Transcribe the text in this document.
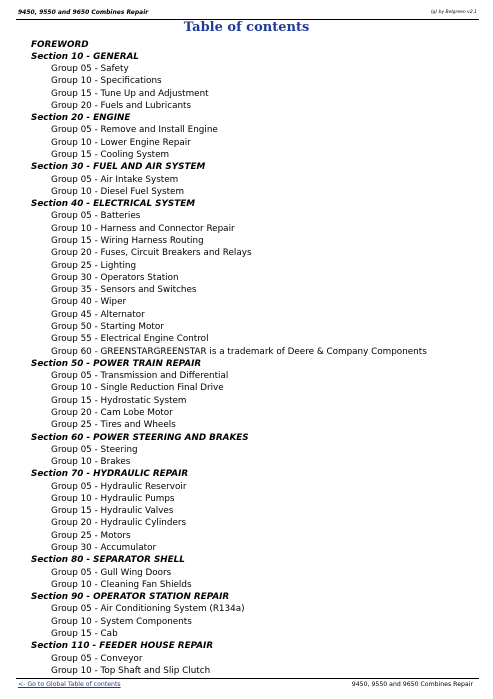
9450, 9550 and 9650 Combines Repair	(g) by Belgreen v2.1
Table of contents
FOREWORD
Section 10 - GENERAL
Group 05 - Safety
Group 10 - Specifications
Group 15 - Tune Up and Adjustment
Group 20 - Fuels and Lubricants
Section 20 - ENGINE
Group 05 - Remove and Install Engine
Group 10 - Lower Engine Repair
Group 15 - Cooling System
Section 30 - FUEL AND AIR SYSTEM
Group 05 - Air Intake System
Group 10 - Diesel Fuel System
Section 40 - ELECTRICAL SYSTEM
Group 05 - Batteries
Group 10 - Harness and Connector Repair
Group 15 - Wiring Harness Routing
Group 20 - Fuses, Circuit Breakers and Relays
Group 25 - Lighting
Group 30 - Operators Station
Group 35 - Sensors and Switches
Group 40 - Wiper
Group 45 - Alternator
Group 50 - Starting Motor
Group 55 - Electrical Engine Control
Group 60 - GREENSTARGREENSTAR is a trademark of Deere & Company Components
Section 50 - POWER TRAIN REPAIR
Group 05 - Transmission and Differential
Group 10 - Single Reduction Final Drive
Group 15 - Hydrostatic System
Group 20 - Cam Lobe Motor
Group 25 - Tires and Wheels
Section 60 - POWER STEERING AND BRAKES
Group 05 - Steering
Group 10 - Brakes
Section 70 - HYDRAULIC REPAIR
Group 05 - Hydraulic Reservoir
Group 10 - Hydraulic Pumps
Group 15 - Hydraulic Valves
Group 20 - Hydraulic Cylinders
Group 25 - Motors
Group 30 - Accumulator
Section 80 - SEPARATOR SHELL
Group 05 - Gull Wing Doors
Group 10 - Cleaning Fan Shields
Section 90 - OPERATOR STATION REPAIR
Group 05 - Air Conditioning System (R134a)
Group 10 - System Components
Group 15 - Cab
Section 110 - FEEDER HOUSE REPAIR
Group 05 - Conveyor
Group 10 - Top Shaft and Slip Clutch
<- Go to Global Table of contents	9450, 9550 and 9650 Combines Repair
